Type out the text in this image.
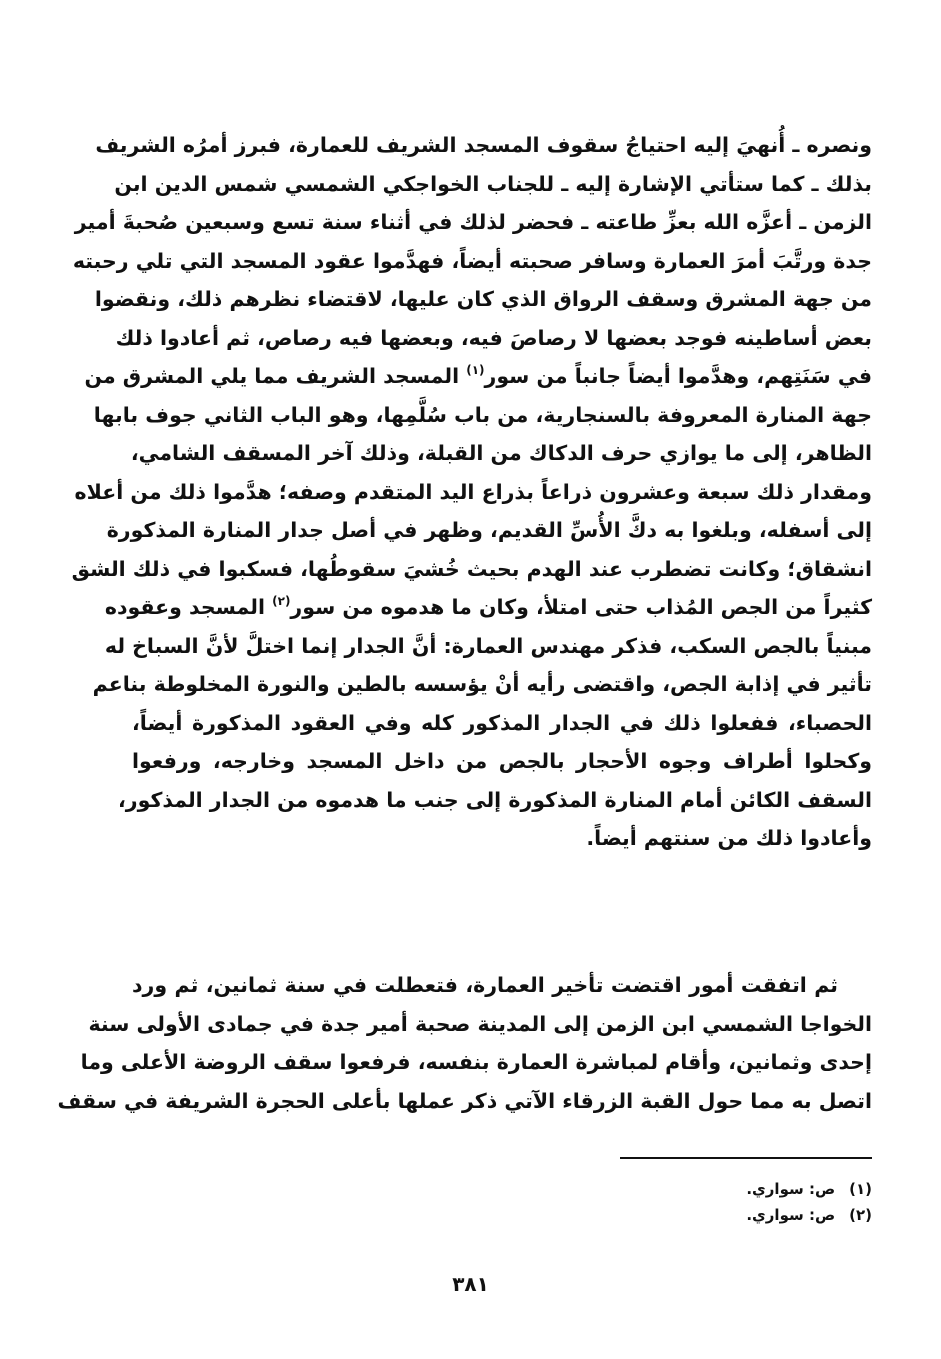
ونصره ـ أُنهيَ إليه احتياجُ سقوف المسجد الشريف للعمارة، فبرز أمرُه الشريف
بذلك ـ كما ستأتي الإشارة إليه ـ للجناب الخواجكي الشمسي شمس الدين ابن
الزمن ـ أعزَّه الله بعزِّ طاعته ـ فحضر لذلك في أثناء سنة تسع وسبعين صُحبةَ أمير
جدة ورتَّبَ أمرَ العمارة وسافر صحبته أيضاً، فهدَّموا عقود المسجد التي تلي رحبته
من جهة المشرق وسقف الرواق الذي كان عليها، لاقتضاء نظرهم ذلك، ونقضوا
بعض أساطينه فوجد بعضها لا رصاصَ فيه، وبعضها فيه رصاص، ثم أعادوا ذلك
في سَنَتِهم، وهدَّموا أيضاً جانباً من سور$^{(١)}$ المسجد الشريف مما يلي المشرق من
جهة المنارة المعروفة بالسنجارية، من باب سُلَّمِها، وهو الباب الثاني جوف بابها
الظاهر، إلى ما يوازي حرف الدكاك من القبلة، وذلك آخر المسقف الشامي،
ومقدار ذلك سبعة وعشرون ذراعاً بذراع اليد المتقدم وصفه؛ هدَّموا ذلك من أعلاه
إلى أسفله، وبلغوا به دكَّ الأُسِّ القديم، وظهر في أصل جدار المنارة المذكورة
انشقاق؛ وكانت تضطرب عند الهدم بحيث خُشيَ سقوطُها، فسكبوا في ذلك الشق
كثيراً من الجص المُذاب حتى امتلأ، وكان ما هدموه من سور$^{(٢)}$ المسجد وعقوده
مبنياً بالجص السكب، فذكر مهندس العمارة: أنَّ الجدار إنما اختلَّ لأنَّ السباخ له
تأثير في إذابة الجص، واقتضى رأيه أنْ يؤسسه بالطين والنورة المخلوطة بناعم
الحصباء، ففعلوا ذلك في الجدار المذكور كله وفي العقود المذكورة أيضاً،
وكحلوا أطراف وجوه الأحجار بالجص من داخل المسجد وخارجه، ورفعوا
السقف الكائن أمام المنارة المذكورة إلى جنب ما هدموه من الجدار المذكور،
وأعادوا ذلك من سنتهم أيضاً.
ثم اتفقت أمور اقتضت تأخير العمارة، فتعطلت في سنة ثمانين، ثم ورد
الخواجا الشمسي ابن الزمن إلى المدينة صحبة أمير جدة في جمادى الأولى سنة
إحدى وثمانين، وأقام لمباشرة العمارة بنفسه، فرفعوا سقف الروضة الأعلى وما
اتصل به مما حول القبة الزرقاء الآتي ذكر عملها بأعلى الحجرة الشريفة في سقف
(١)ص: سواري.
(٢)ص: سواري.
٣٨١
